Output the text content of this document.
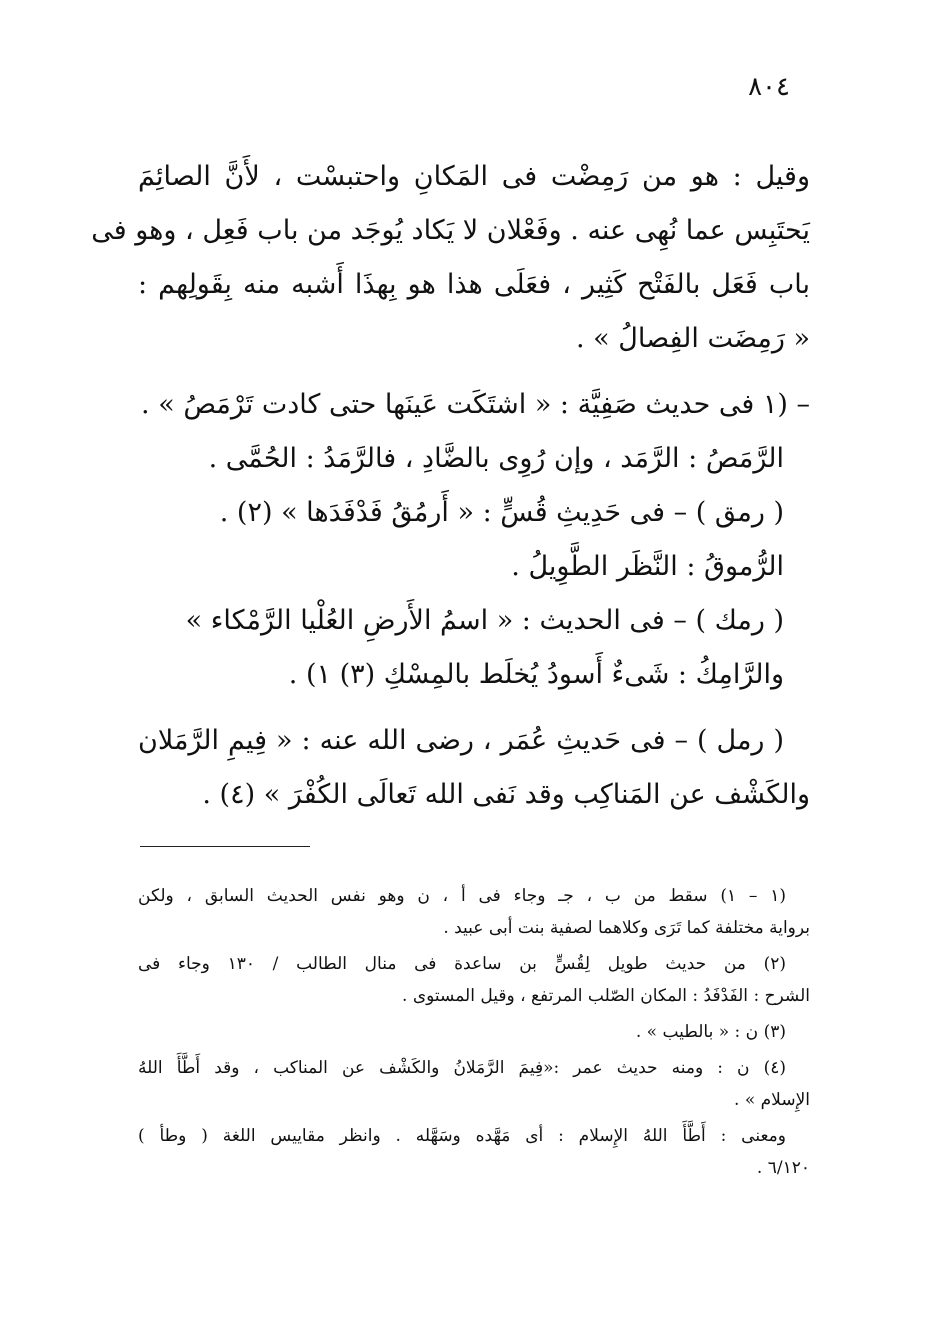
٨٠٤
وقيل : هو من رَمِضْت فى المَكانِ واحتبسْت ، لأَنَّ الصائِمَ
يَحتَبِس عما نُهِى عنه . وفَعْلان لا يَكاد يُوجَد من باب فَعِل ، وهو فى
باب فَعَل بالفَتْح كَثِير ، فعَلَى هذا هو بِهذَا أَشبه منه بِقَولِهم :
« رَمِضَت الفِصالُ » .
– (١ فى حديث صَفِيَّة : « اشتَكَت عَينَها حتى كادت تَرْمَصُ » .
الرَّمَصُ : الرَّمَد ، وإن رُوِى بالضَّادِ ، فالرَّمَدُ : الحُمَّى .
( رمق ) – فى حَدِيثِ قُسٍّ : « أَرمُقُ فَدْفَدَها » (٢) .
الرُّموقُ : النَّظَر الطَّوِيلُ .
( رمك ) – فى الحديث : « اسمُ الأَرضِ العُلْيا الرَّمْكاء »
والرَّامِكُ : شَىءٌ أَسودُ يُخلَط بالمِسْكِ (٣) ١) .
( رمل ) – فى حَديثِ عُمَر ، رضى الله عنه : « فِيمِ الرَّمَلان
والكَشْف عن المَناكِب وقد نَفى الله تَعالَى الكُفْرَ » (٤) .
(١ – ١) سقط من ب ، جـ وجاء فى أ ، ن وهو نفس الحديث السابق ، ولكن
برواية مختلفة كما تَرَى وكلاهما لصفية بنت أبى عبيد .
(٢) من حديث طويل لِقُسٍّ بن ساعدة فى منال الطالب / ١٣٠ وجاء فى
الشرح : الفَدْفَدُ : المكان الصّلب المرتفع ، وقيل المستوى .
(٣) ن : « بالطيب » .
(٤) ن : ومنه حديث عمر :«فِيمَ الرَّمَلانُ والكَشْف عن المناكب ، وقد أَطَّأَ اللهُ
الإِسلام » .
ومعنى : أَطَّأَ اللهُ الإِسلام : أى مَهَّده وسَهَّله . وانظر مقاييس اللغة ( وطأ )
٦/١٢٠ .
